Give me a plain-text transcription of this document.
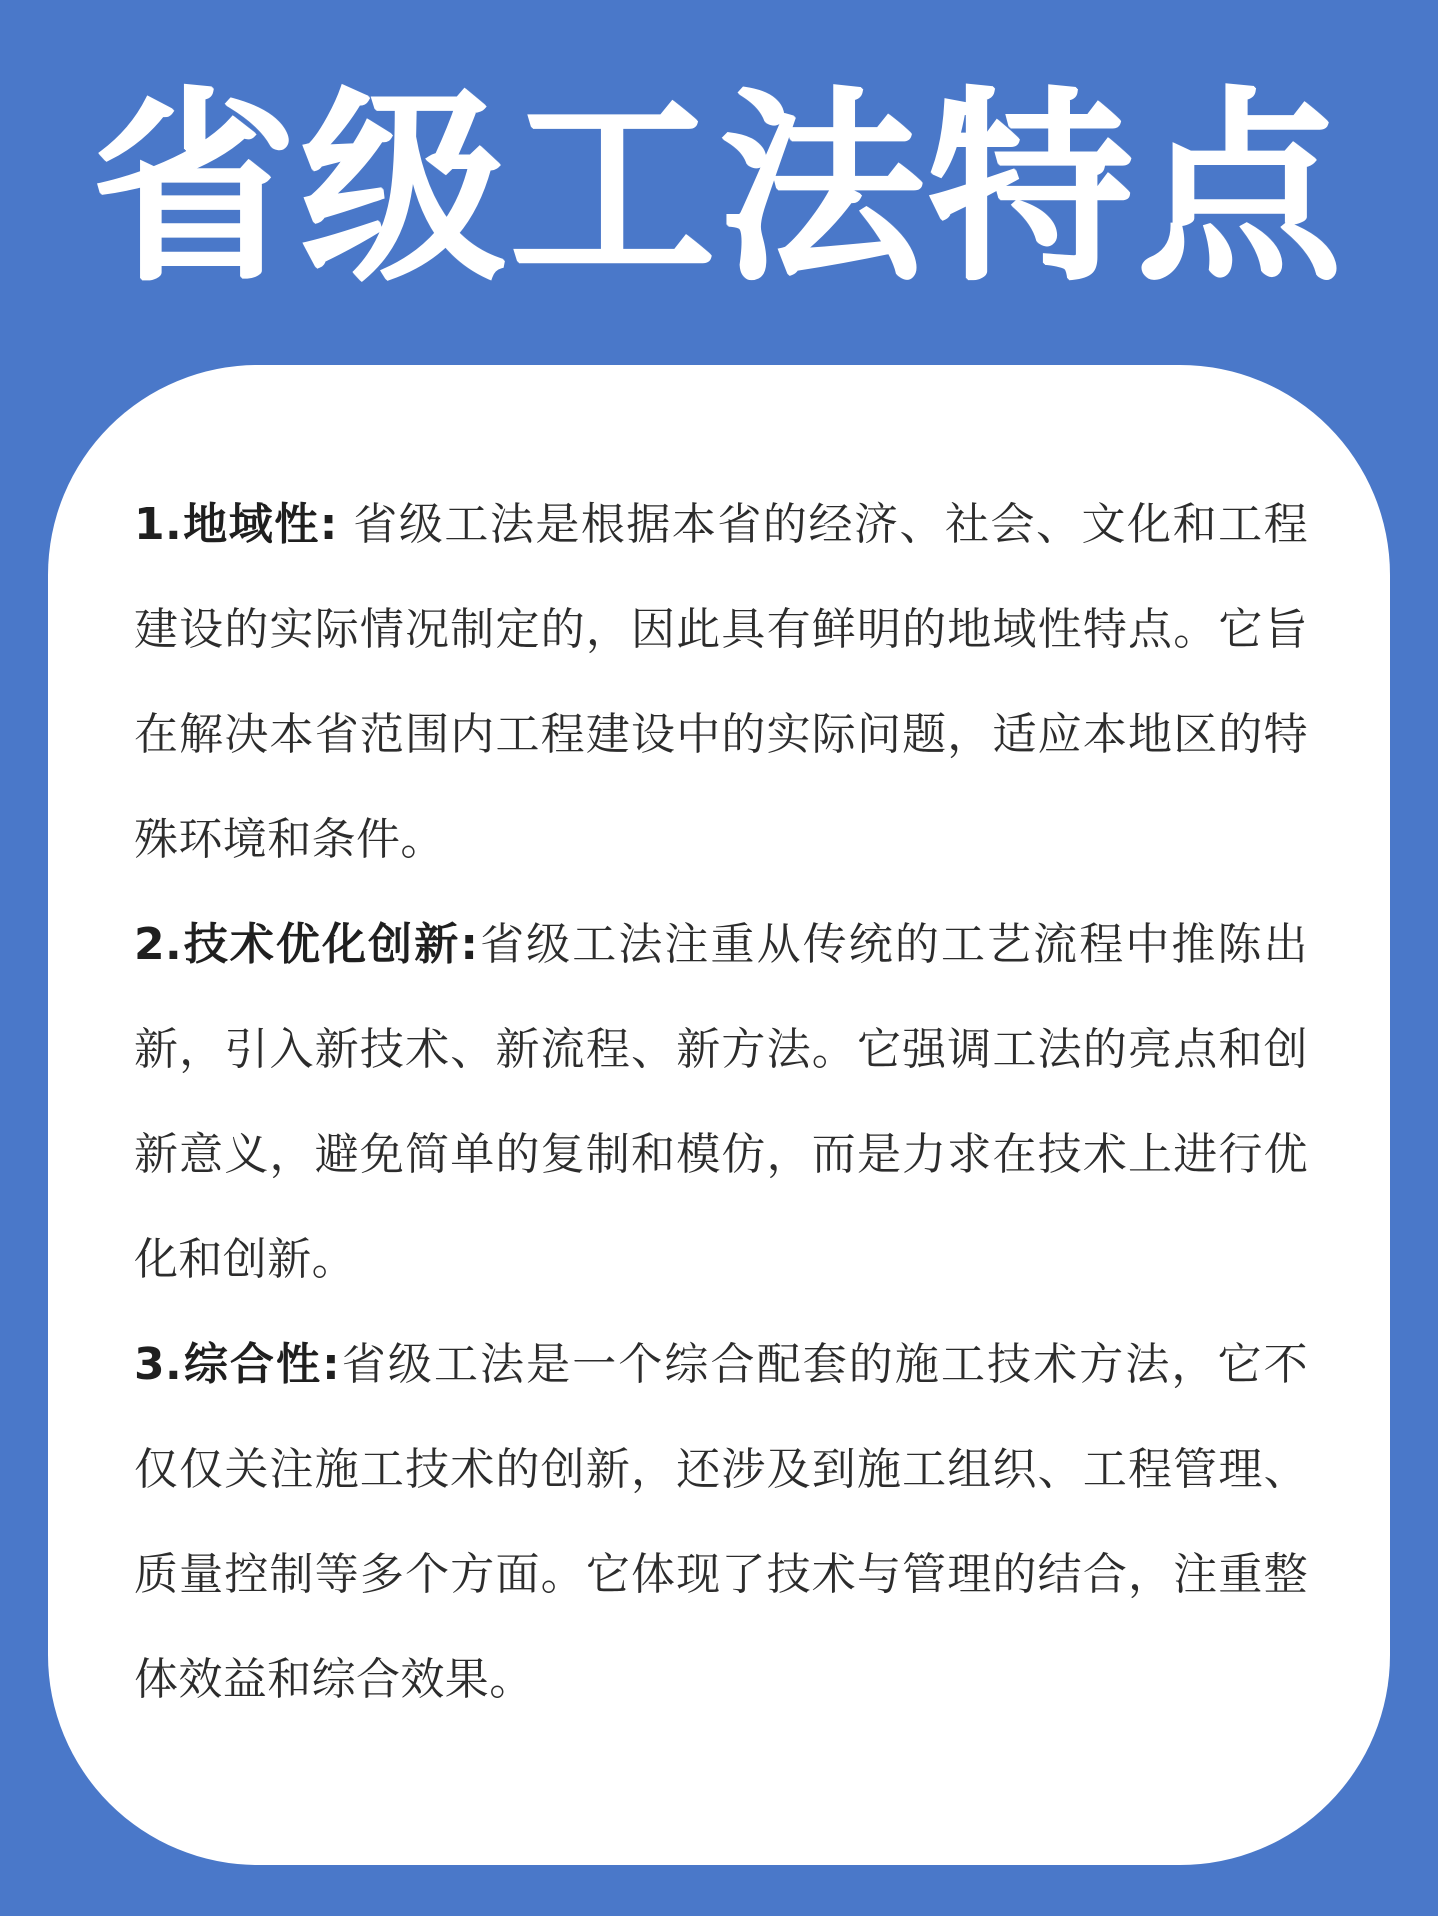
省级工法特点

1.地域性: 省级工法是根据本省的经济、社会、文化和工程建设的实际情况制定的，因此具有鲜明的地域性特点。它旨在解决本省范围内工程建设中的实际问题，适应本地区的特殊环境和条件。

2.技术优化创新:省级工法注重从传统的工艺流程中推陈出新，引入新技术、新流程、新方法。它强调工法的亮点和创新意义，避免简单的复制和模仿，而是力求在技术上进行优化和创新。

3.综合性:省级工法是一个综合配套的施工技术方法，它不仅仅关注施工技术的创新，还涉及到施工组织、工程管理、质量控制等多个方面。它体现了技术与管理的结合，注重整体效益和综合效果。
